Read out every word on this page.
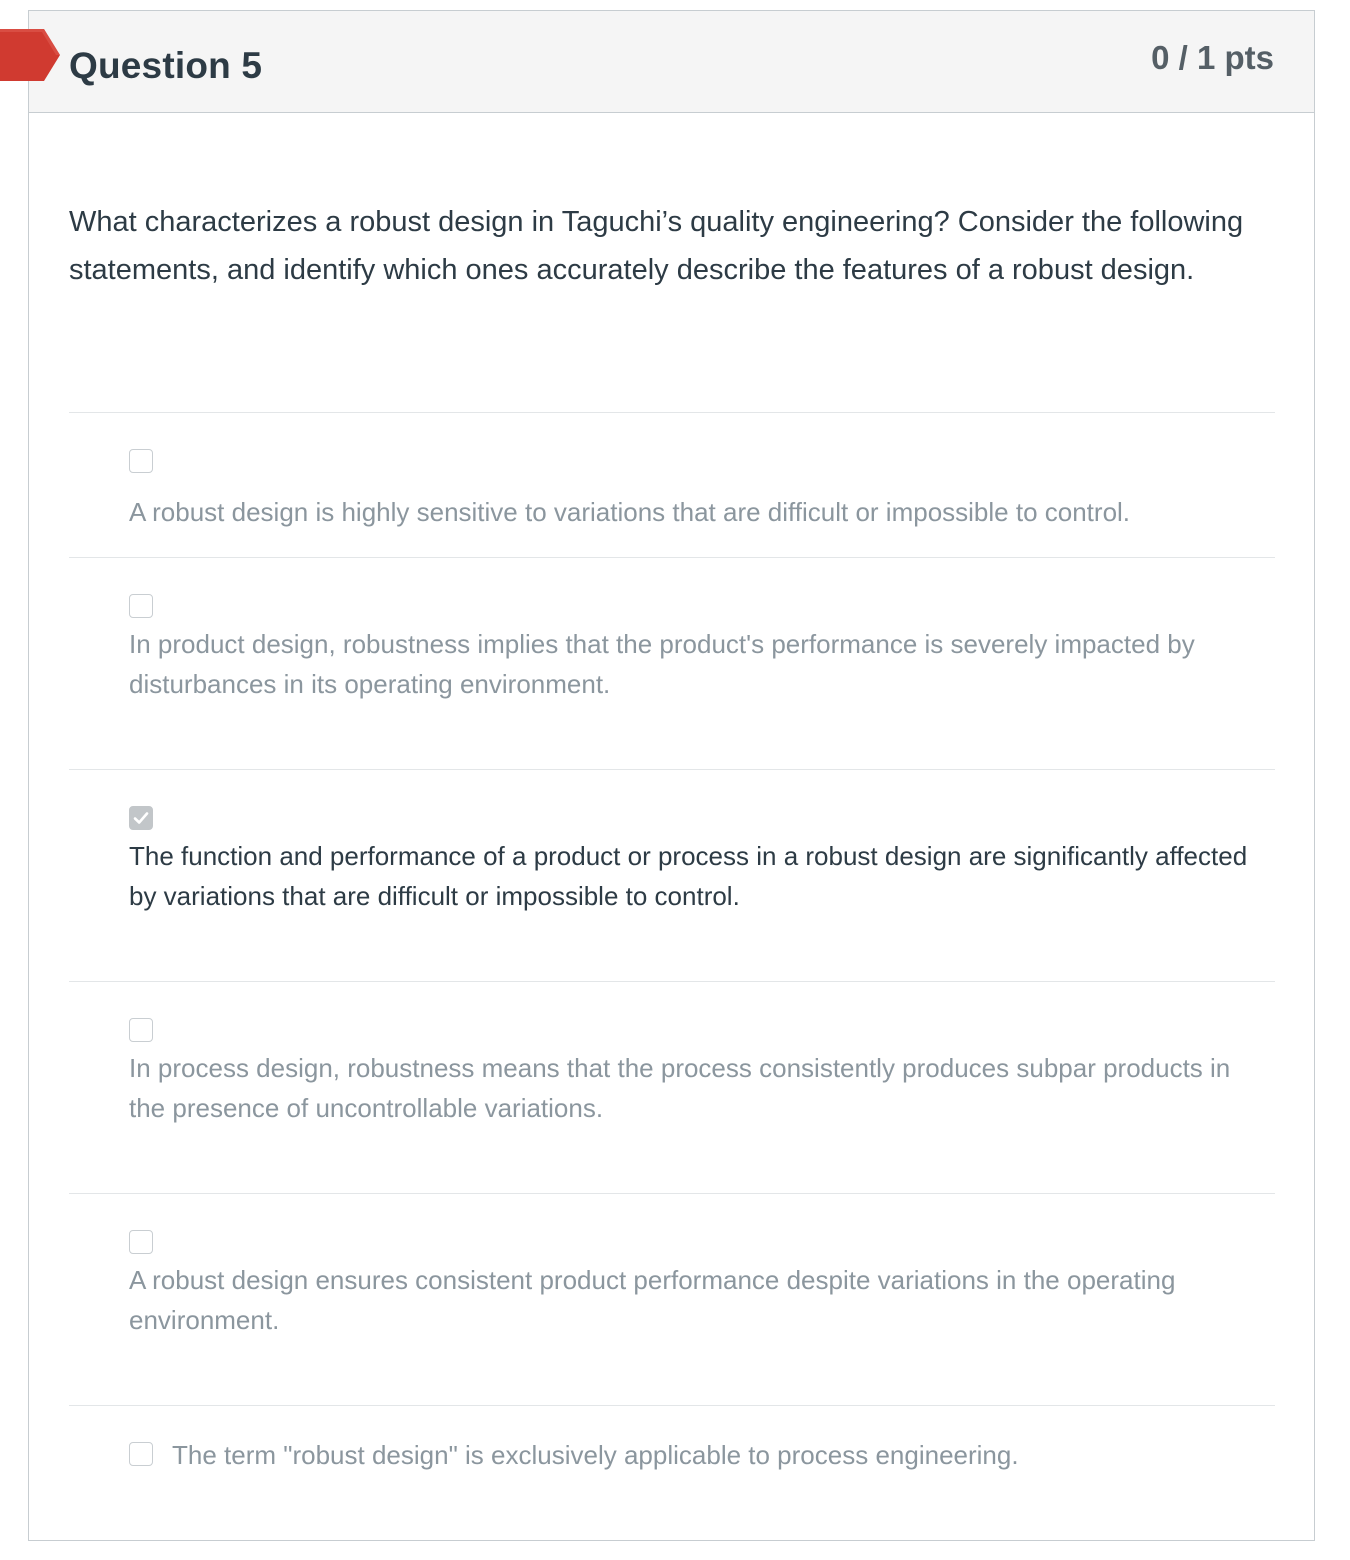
Question 5	0 / 1 pts
What characterizes a robust design in Taguchi’s quality engineering? Consider the following statements, and identify which ones accurately describe the features of a robust design.
A robust design is highly sensitive to variations that are difficult or impossible to control.
In product design, robustness implies that the product's performance is severely impacted by disturbances in its operating environment.
The function and performance of a product or process in a robust design are significantly affected by variations that are difficult or impossible to control.
In process design, robustness means that the process consistently produces subpar products in the presence of uncontrollable variations.
A robust design ensures consistent product performance despite variations in the operating environment.
The term "robust design" is exclusively applicable to process engineering.
